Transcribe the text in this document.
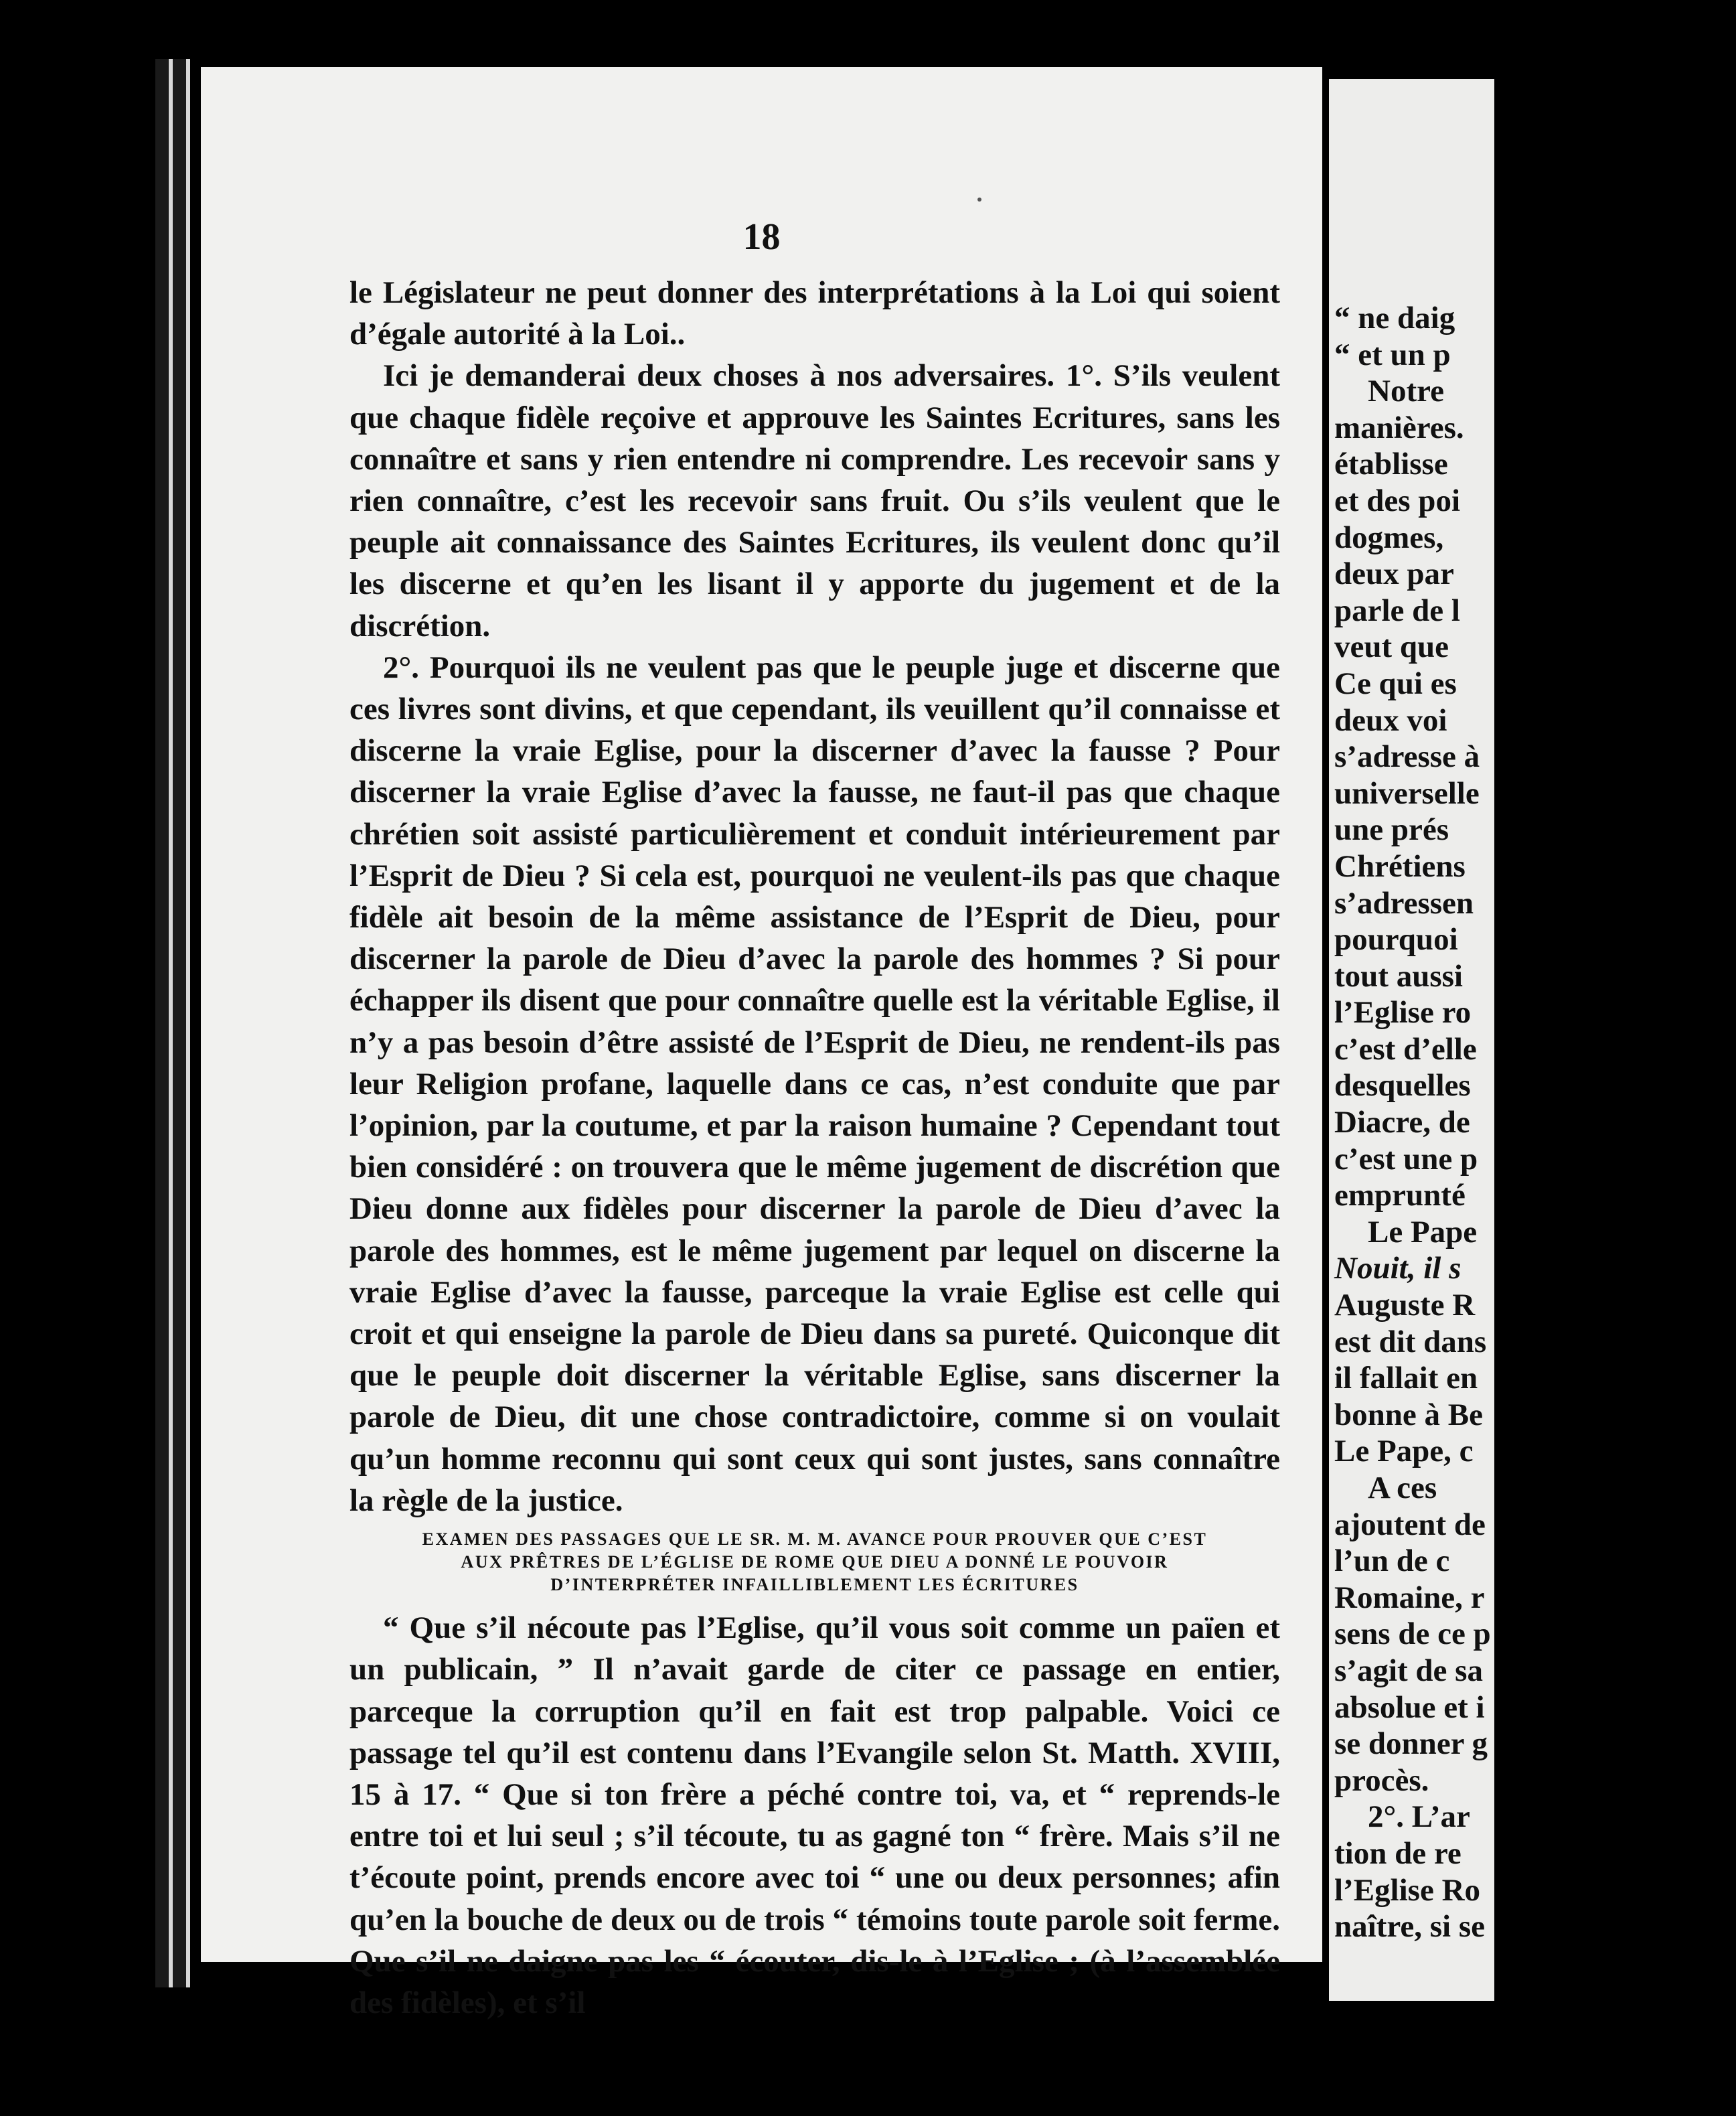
18

le Législateur ne peut donner des interprétations à la Loi qui soient d’égale autorité à la Loi..

Ici je demanderai deux choses à nos adversaires. 1°. S’ils veulent que chaque fidèle reçoive et approuve les Saintes Ecritures, sans les connaître et sans y rien entendre ni comprendre. Les recevoir sans y rien connaître, c’est les recevoir sans fruit. Ou s’ils veulent que le peuple ait connaissance des Saintes Ecritures, ils veulent donc qu’il les discerne et qu’en les lisant il y apporte du jugement et de la discrétion.

2°. Pourquoi ils ne veulent pas que le peuple juge et discerne que ces livres sont divins, et que cependant, ils veuillent qu’il connaisse et discerne la vraie Eglise, pour la discerner d’avec la fausse ? Pour discerner la vraie Eglise d’avec la fausse, ne faut-il pas que chaque chrétien soit assisté particulièrement et conduit intérieurement par l’Esprit de Dieu ? Si cela est, pourquoi ne veulent-ils pas que chaque fidèle ait besoin de la même assistance de l’Esprit de Dieu, pour discerner la parole de Dieu d’avec la parole des hommes ? Si pour échapper ils disent que pour connaître quelle est la véritable Eglise, il n’y a pas besoin d’être assisté de l’Esprit de Dieu, ne rendent-ils pas leur Religion profane, laquelle dans ce cas, n’est conduite que par l’opinion, par la coutume, et par la raison humaine ? Cependant tout bien considéré : on trouvera que le même jugement de discrétion que Dieu donne aux fidèles pour discerner la parole de Dieu d’avec la parole des hommes, est le même jugement par lequel on discerne la vraie Eglise d’avec la fausse, parceque la vraie Eglise est celle qui croit et qui enseigne la parole de Dieu dans sa pureté. Quiconque dit que le peuple doit discerner la véritable Eglise, sans discerner la parole de Dieu, dit une chose contradictoire, comme si on voulait qu’un homme reconnu qui sont ceux qui sont justes, sans connaître la règle de la justice.

EXAMEN DES PASSAGES QUE LE SR. M. M. AVANCE POUR PROUVER QUE C’EST
AUX PRÊTRES DE L’ÉGLISE DE ROME QUE DIEU A DONNÉ LE POUVOIR
D’INTERPRÉTER INFAILLIBLEMENT LES ÉCRITURES

“ Que s’il nécoute pas l’Eglise, qu’il vous soit comme un païen et un publicain, ” Il n’avait garde de citer ce passage en entier, parceque la corruption qu’il en fait est trop palpable. Voici ce passage tel qu’il est contenu dans l’Evangile selon St. Matth. XVIII, 15 à 17. “ Que si ton frère a péché contre toi, va, et “ reprends-le entre toi et lui seul ; s’il técoute, tu as gagné ton “ frère. Mais s’il ne t’écoute point, prends encore avec toi “ une ou deux personnes; afin qu’en la bouche de deux ou de trois “ témoins toute parole soit ferme. Que s’il ne daigne pas les “ écouter, dis-le à l’Eglise ; (à l’assemblée des fidèles), et s’il

“ ne daig
“ et un p
Notre
manières.
établisse
et des poi
dogmes,
deux par
parle de l
veut que
Ce qui es
deux voi
s’adresse à
universelle
une prés
Chrétiens
s’adressen
pourquoi
tout aussi
l’Eglise ro
c’est d’elle
desquelles
Diacre, de
c’est une p
emprunté
Le Pape
Nouit, il s
Auguste R
est dit dans
il fallait en
bonne à Be
Le Pape, c
A ces
ajoutent de
l’un de c
Romaine, r
sens de ce p
s’agit de sa
absolue et i
se donner g
procès.
2°. L’ar
tion de re
l’Eglise Ro
naître, si se
